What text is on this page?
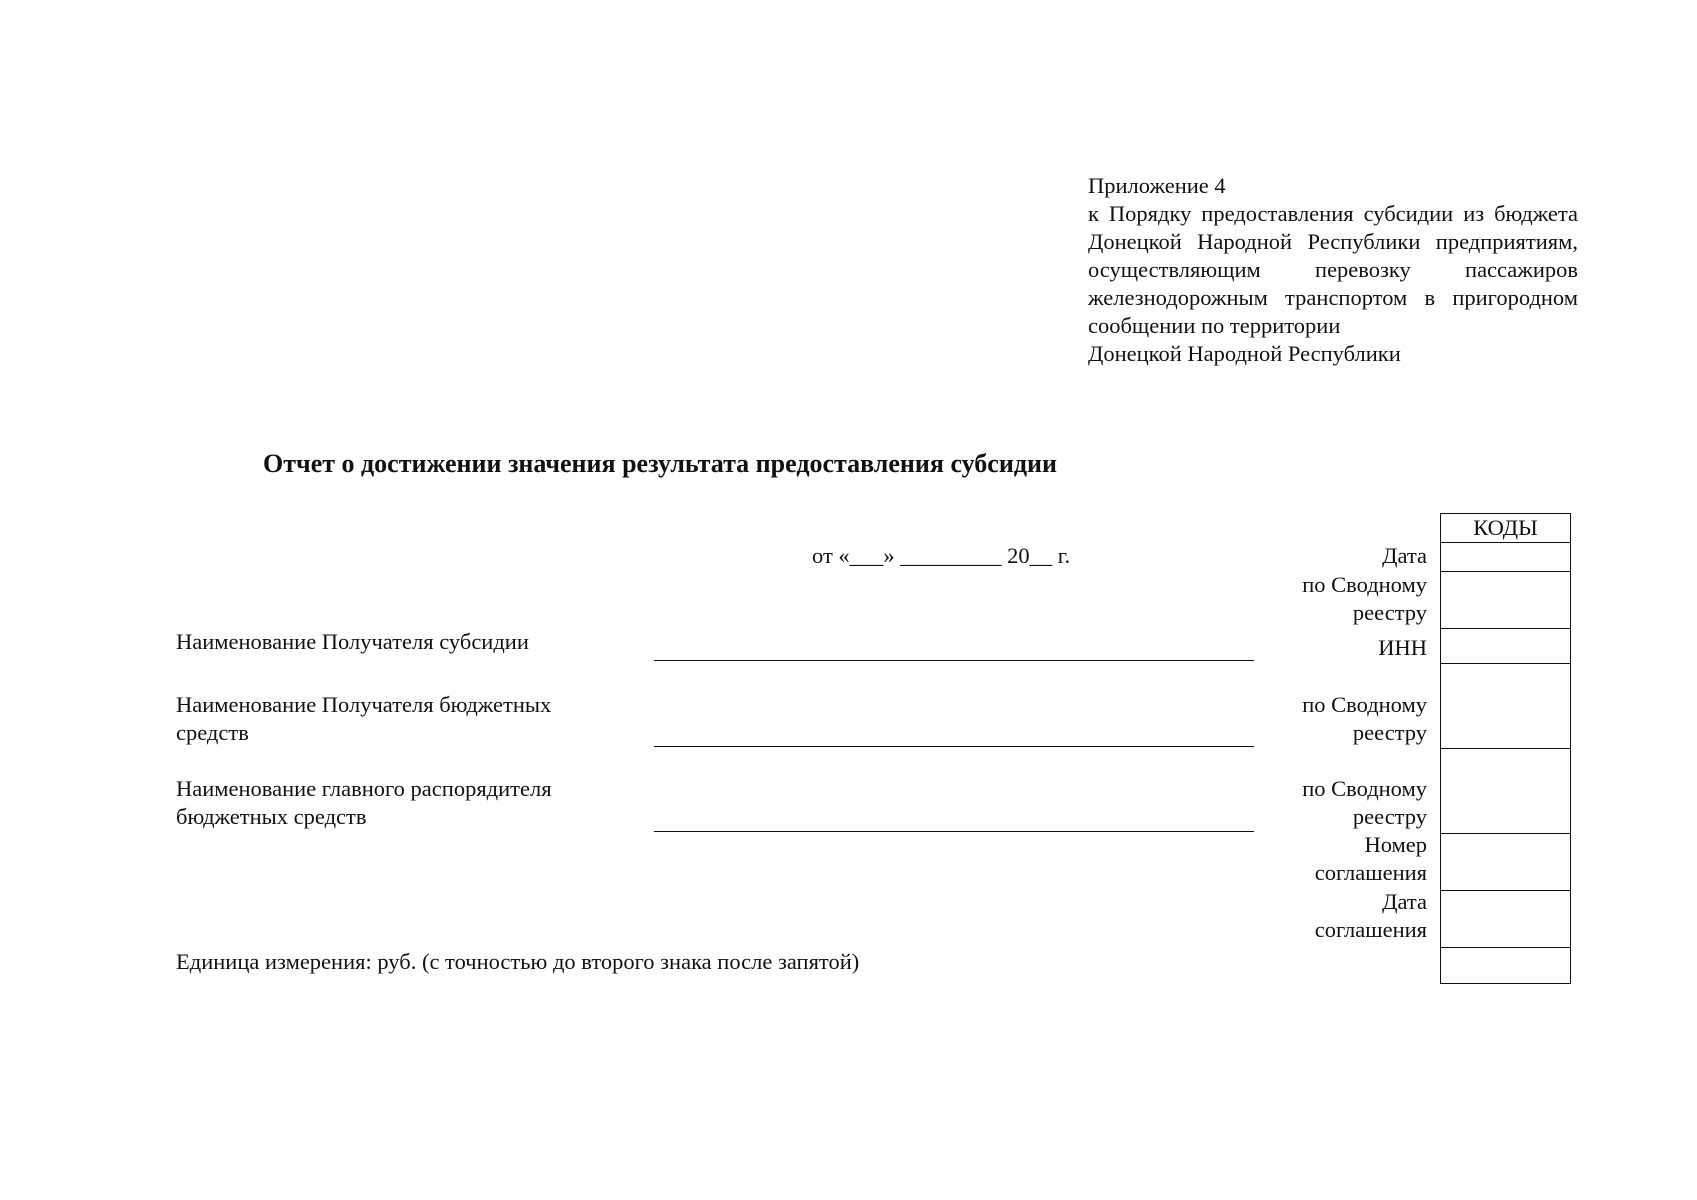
Приложение 4
к Порядку предоставления субсидии из бюджета Донецкой Народной Республики предприятиям, осуществляющим перевозку пассажиров железнодорожным транспортом в пригородном сообщении по территории
Донецкой Народной Республики
Отчет о достижении значения результата предоставления субсидии
от «___» _________ 20__ г.
Наименование Получателя субсидии
Наименование Получателя бюджетных средств
Наименование главного распорядителя бюджетных средств
Единица измерения: руб. (с точностью до второго знака после запятой)
Дата
по Сводному реестру
ИНН
по Сводному реестру
по Сводному реестру
Номер соглашения
Дата соглашения
КОДЫ
